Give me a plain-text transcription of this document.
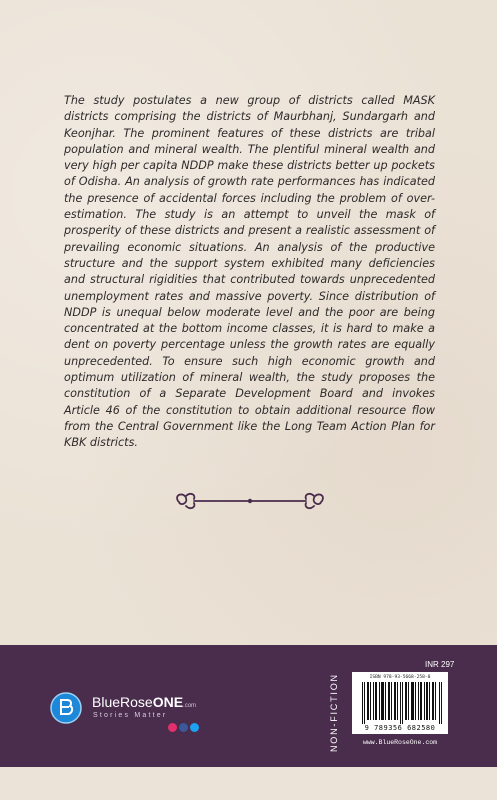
The study postulates a new group of districts called MASK districts comprising the districts of Maurbhanj, Sundargarh and Keonjhar. The prominent features of these districts are tribal population and mineral wealth. The plentiful mineral wealth and very high per capita NDDP make these districts better up pockets of Odisha. An analysis of growth rate performances has indicated the presence of accidental forces including the problem of over-estimation. The study is an attempt to unveil the mask of prosperity of these districts and present a realistic assessment of prevailing economic situations. An analysis of the productive structure and the support system exhibited many deficiencies and structural rigidities that contributed towards unprecedented unemployment rates and massive poverty. Since distribution of NDDP is unequal below moderate level and the poor are being concentrated at the bottom income classes, it is hard to make a dent on poverty percentage unless the growth rates are equally unprecedented. To ensure such high economic growth and optimum utilization of mineral wealth, the study proposes the constitution of a Separate Development Board and invokes Article 46 of the constitution to obtain additional resource flow from the Central Government like the Long Team Action Plan for KBK districts.

BlueRoseONE.com
Stories Matter	NON-FICTION
INR 297
ISBN 978-93-5668-258-0
9 789356 682580
www.BlueRoseOne.com
